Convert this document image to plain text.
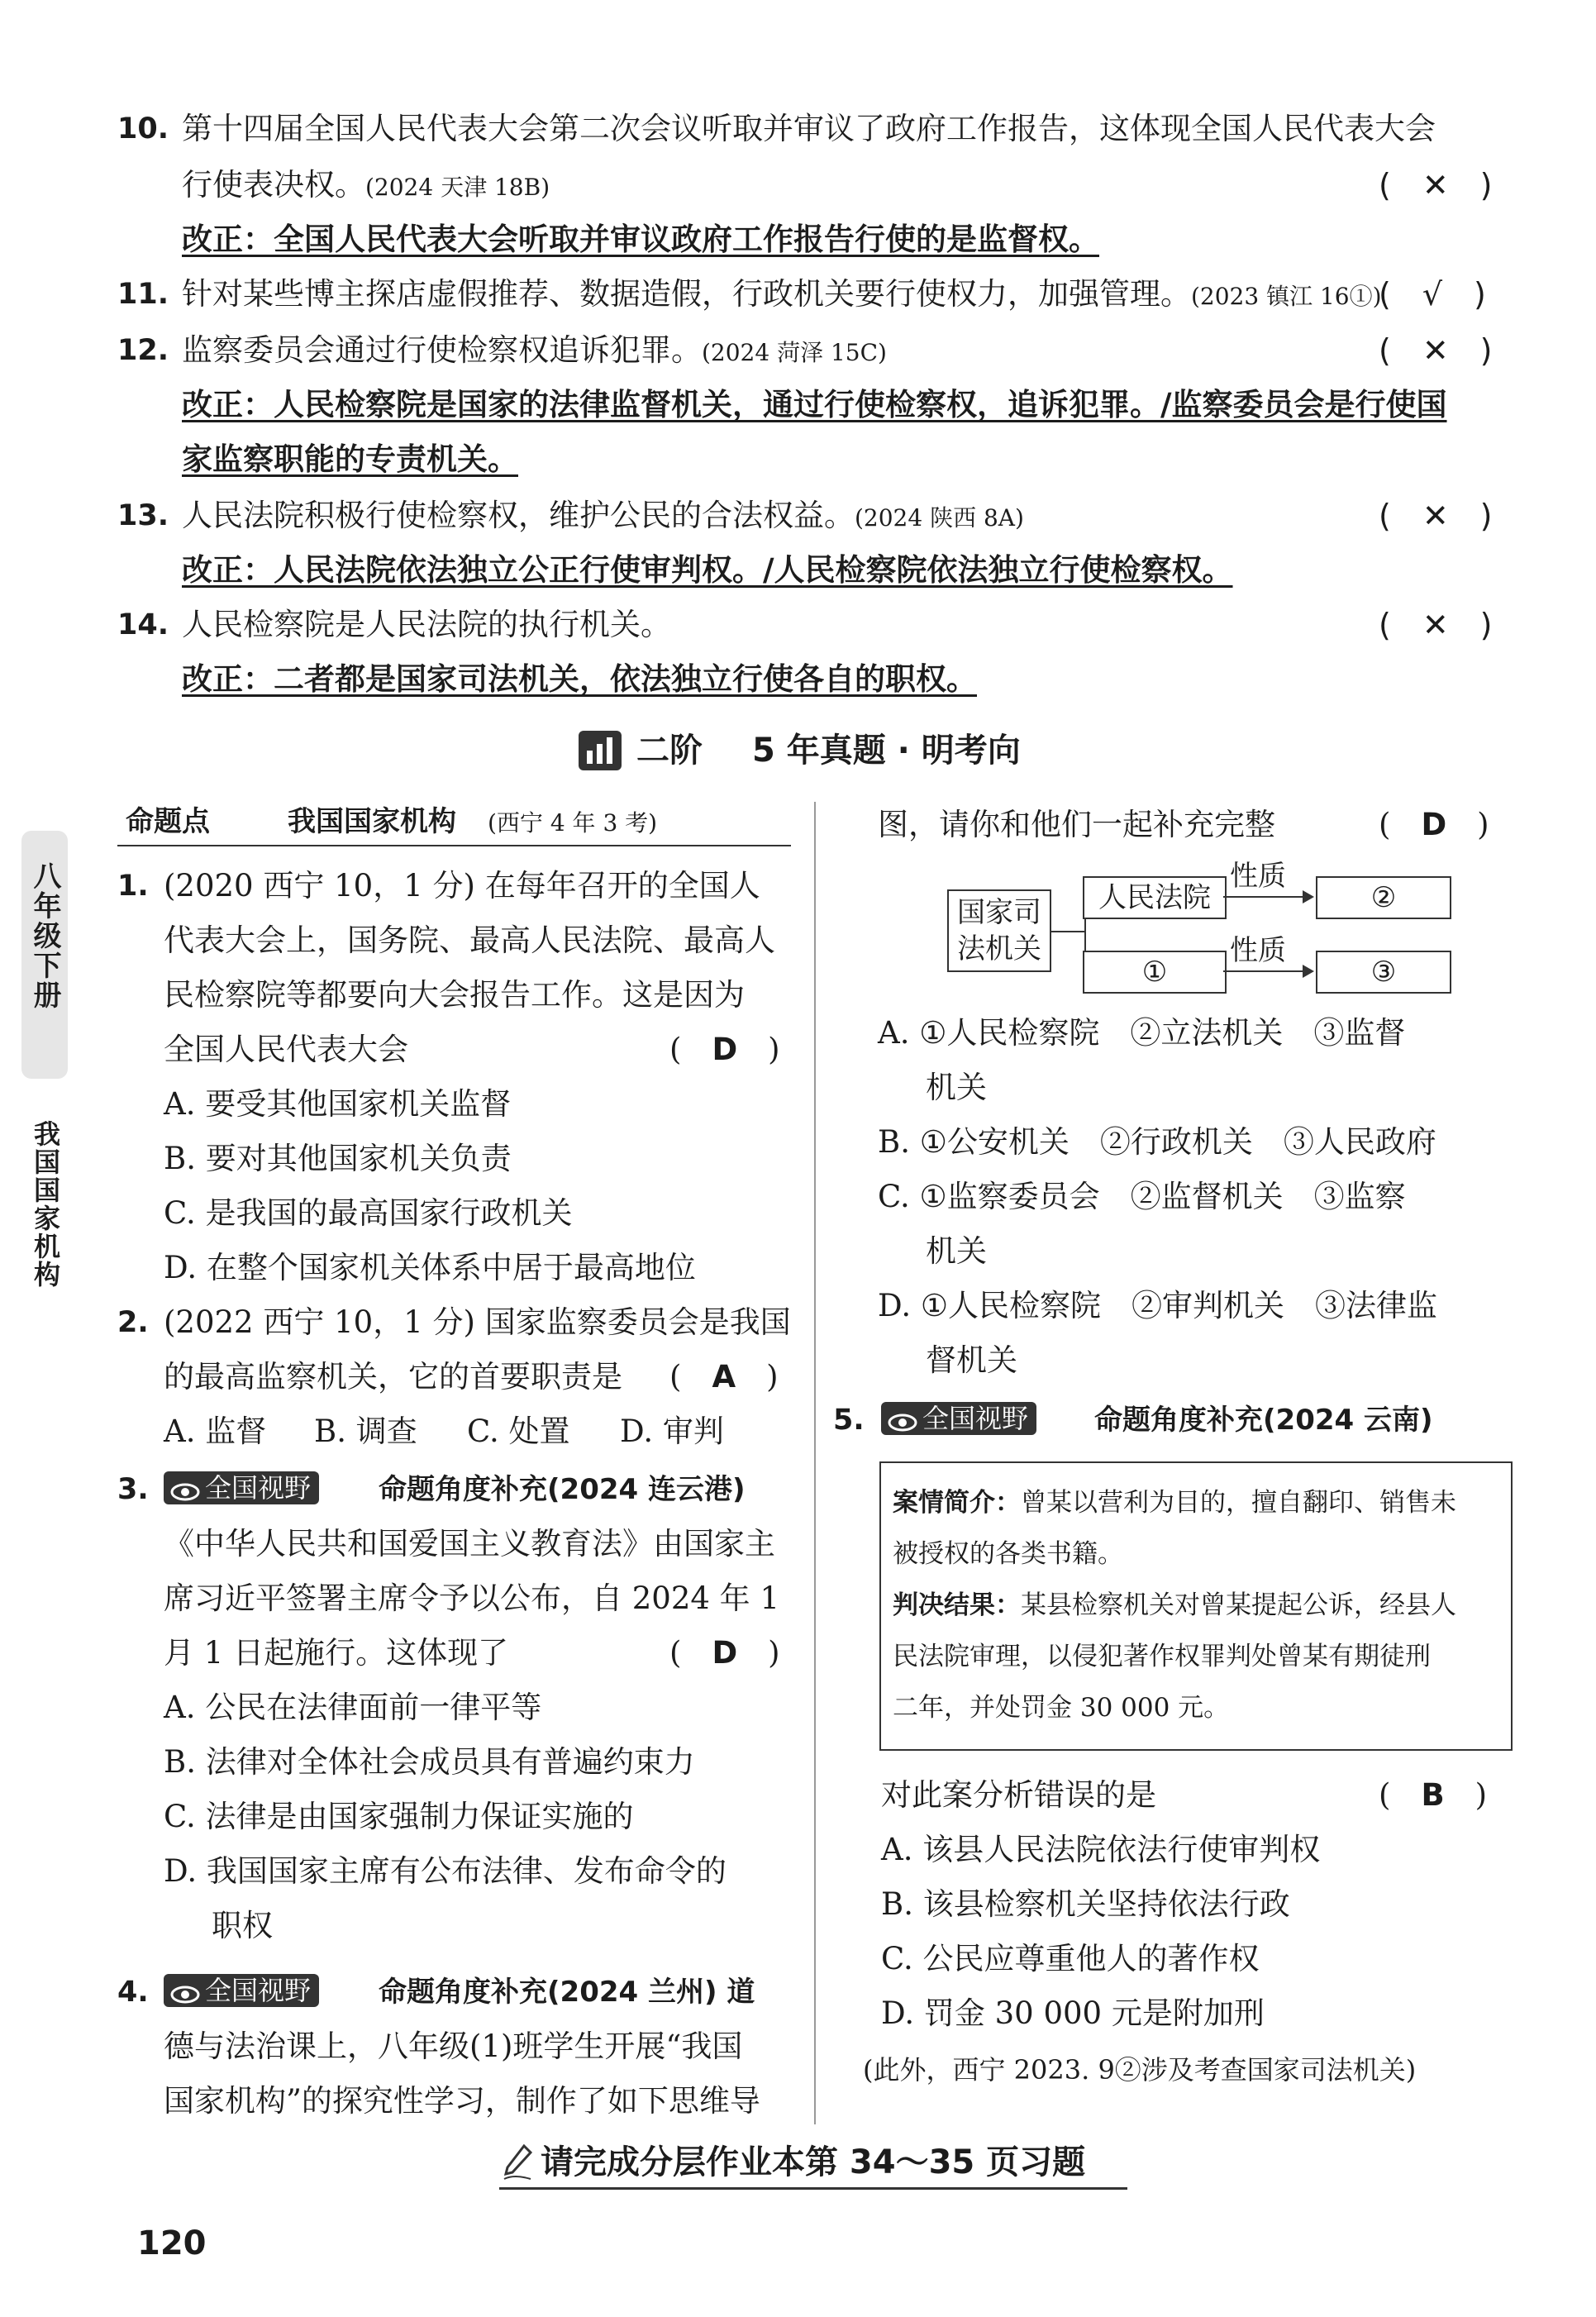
10. 第十四届全国人民代表大会第二次会议听取并审议了政府工作报告，这体现全国人民代表大会
行使表决权。(2024 天津 18B)	(　✕　)
改正：全国人民代表大会听取并审议政府工作报告行使的是监督权。
11. 针对某些博主探店虚假推荐、数据造假，行政机关要行使权力，加强管理。(2023 镇江 16①)
(　√　)
12. 监察委员会通过行使检察权追诉犯罪。(2024 菏泽 15C)	(　✕　)
改正：人民检察院是国家的法律监督机关，通过行使检察权，追诉犯罪。/监察委员会是行使国
家监察职能的专责机关。
13. 人民法院积极行使检察权，维护公民的合法权益。(2024 陕西 8A)	(　✕　)
改正：人民法院依法独立公正行使审判权。/人民检察院依法独立行使检察权。
14. 人民检察院是人民法院的执行机关。	(　✕　)
改正：二者都是国家司法机关，依法独立行使各自的职权。
二阶 5 年真题 · 明考向
八年级下册
我国国家机构
命题点	我国国家机构 (西宁 4 年 3 考)
1. (2020 西宁 10，1 分) 在每年召开的全国人
代表大会上，国务院、最高人民法院、最高人
民检察院等都要向大会报告工作。这是因为
全国人民代表大会	(　D　)
A. 要受其他国家机关监督
B. 要对其他国家机关负责
C. 是我国的最高国家行政机关
D. 在整个国家机关体系中居于最高地位
2. (2022 西宁 10，1 分) 国家监察委员会是我国
的最高监察机关，它的首要职责是 (　A　)
A. 监督 B. 调查 C. 处置 D. 审判
3.	全国视野 命题角度补充(2024 连云港)
《中华人民共和国爱国主义教育法》由国家主
席习近平签署主席令予以公布，自 2024 年 1
月 1 日起施行。这体现了	(　D　)
A. 公民在法律面前一律平等
B. 法律对全体社会成员具有普遍约束力
C. 法律是由国家强制力保证实施的
D. 我国国家主席有公布法律、发布命令的
职权
4.	全国视野 命题角度补充(2024 兰州) 道
德与法治课上，八年级(1)班学生开展“我国
国家机构”的探究性学习，制作了如下思维导
图，请你和他们一起补充完整	(　D　)
国家司法机关
人民法院
①
性质
性质
②
③
A. ①人民检察院　②立法机关　③监督
机关
B. ①公安机关　②行政机关　③人民政府
C. ①监察委员会　②监督机关　③监察
机关
D. ①人民检察院　②审判机关　③法律监
督机关
5.	全国视野 命题角度补充(2024 云南)
案情简介：曾某以营利为目的，擅自翻印、销售未
被授权的各类书籍。
判决结果：某县检察机关对曾某提起公诉，经县人
民法院审理，以侵犯著作权罪判处曾某有期徒刑
二年，并处罚金 30 000 元。
对此案分析错误的是	(　B　)
A. 该县人民法院依法行使审判权
B. 该县检察机关坚持依法行政
C. 公民应尊重他人的著作权
D. 罚金 30 000 元是附加刑
(此外，西宁 2023. 9②涉及考查国家司法机关)
请完成分层作业本第 34～35 页习题
120
